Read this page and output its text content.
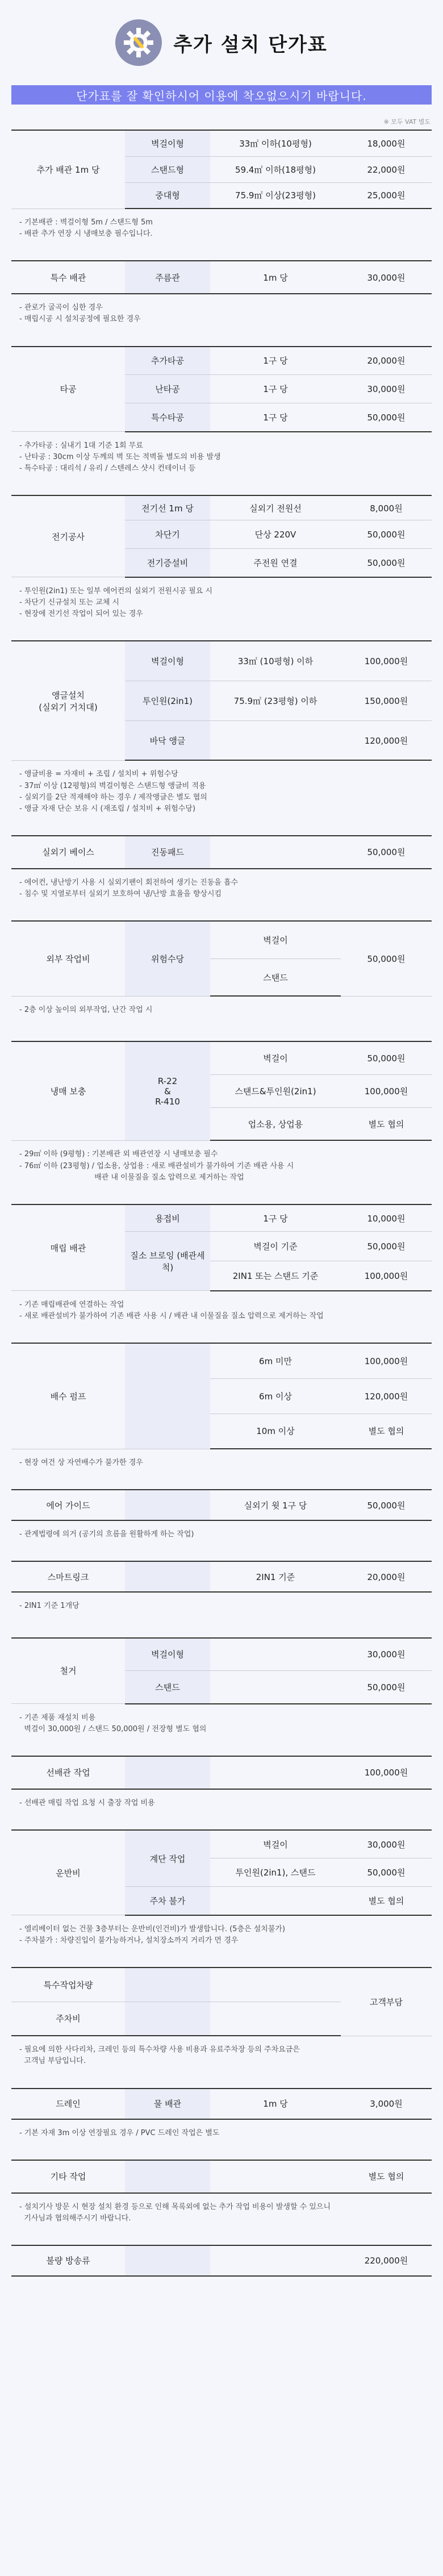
추가 설치 단가표
단가표를 잘 확인하시어 이용에 착오없으시기 바랍니다.
※ 모두 VAT 별도
추가 배관 1m 당	벽걸이형	33㎡ 이하(10평형)	18,000원
	스탠드형	59.4㎡ 이하(18평형)	22,000원
	중대형	75.9㎡ 이상(23평형)	25,000원
- 기본배관 : 벽걸이형 5m / 스탠드형 5m
- 배관 추가 연장 시 냉매보충 필수입니다.
특수 배관	주름관	1m 당	30,000원
- 관로가 굴곡이 심한 경우
- 매립시공 시 설치공정에 필요한 경우
타공	추가타공	1구 당	20,000원
	난타공	1구 당	30,000원
	특수타공	1구 당	50,000원
- 추가타공 : 실내기 1대 기준 1회 무료
- 난타공 : 30cm 이상 두께의 벽 또는 적벽돌 별도의 비용 발생
- 특수타공 : 대리석 / 유리 / 스텐레스 샷시 컨테이너 등
전기공사	전기선 1m 당	실외기 전원선	8,000원
	차단기	단상 220V	50,000원
	전기증설비	주전원 연결	50,000원
- 투인원(2in1) 또는 일부 에어컨의 실외기 전원시공 필요 시
- 차단기 신규설치 또는 교체 시
- 현장에 전기선 작업이 되어 있는 경우
앵글설치
(실외기 거치대)	벽걸이형	33㎡ (10평형) 이하	100,000원
	투인원(2in1)	75.9㎡ (23평형) 이하	150,000원
	바닥 앵글		120,000원
- 앵글비용 = 자재비 + 조립 / 설치비 + 위험수당
- 37㎡ 이상 (12평형)의 벽걸이형은 스탠드형 앵글비 적용
- 실외기를 2단 적재해야 하는 경우 / 제작앵글은 별도 협의
- 앵글 자재 단순 보유 시 (재조립 / 설치비 + 위험수당)
실외기 베이스	진동패드		50,000원
- 에어컨, 냉난방기 사용 시 실외기팬이 회전하여 생기는 진동을 흡수
- 침수 및 지열로부터 실외기 보호하여 냉/난방 효율을 향상시킴
외부 작업비	위험수당	벽걸이	50,000원
스탠드
- 2층 이상 높이의 외부작업, 난간 작업 시
냉매 보충	R-22
&
R-410	벽걸이	50,000원
		스탠드&투인원(2in1)	100,000원
		업소용, 상업용	별도 협의
- 29㎡ 이하 (9평형) : 기본배관 외 배관연장 시 냉매보충 필수
- 76㎡ 이하 (23평형) / 업소용, 상업용 : 새로 배관설비가 불가하여 기존 배관 사용 시
배관 내 이물질을 질소 압력으로 제거하는 작업
매립 배관	용접비	1구 당	10,000원
	질소 브로잉 (배관세척)	벽걸이 기준	50,000원
		2IN1 또는 스탠드 기준	100,000원
- 기존 매립배관에 연결하는 작업
- 새로 배관설비가 불가하여 기존 배관 사용 시 / 배관 내 이물질을 질소 압력으로 제거하는 작업
배수 펌프		6m 미만	100,000원
		6m 이상	120,000원
		10m 이상	별도 협의
- 현장 여건 상 자연배수가 불가한 경우
에어 가이드		실외기 윗 1구 당	50,000원
- 관계법령에 의거 (공기의 흐름을 원활하게 하는 작업)
스마트링크		2IN1 기준	20,000원
- 2IN1 기준 1개당
철거	벽걸이형		30,000원
	스탠드		50,000원
- 기존 제품 재설치 비용
벽걸이 30,000원 / 스탠드 50,000원 / 전장형 별도 협의
선배관 작업			100,000원
- 선배관 매립 작업 요청 시 출장 작업 비용
운반비	계단 작업	벽걸이	30,000원
		투인원(2in1), 스탠드	50,000원
	주차 불가		별도 협의
- 엘리베이터 없는 건물 3층부터는 운반비(인건비)가 발생합니다. (5층은 설치불가)
- 주차불가 : 차량진입이 불가능하거나, 설치장소까지 거리가 먼 경우
특수작업차량			고객부담
주차비			
- 필요에 의한 사다리차, 크레인 등의 특수차량 사용 비용과 유료주차장 등의 주차요금은
고객님 부담입니다.
드레인	물 배관	1m 당	3,000원
- 기본 자재 3m 이상 연장필요 경우 / PVC 드레인 작업은 별도
기타 작업			별도 협의
- 설치기사 방문 시 현장 설치 환경 등으로 인해 목록외에 없는 추가 작업 비용이 발생할 수 있으니
기사님과 협의해주시기 바랍니다.
불량 방송류			220,000원
